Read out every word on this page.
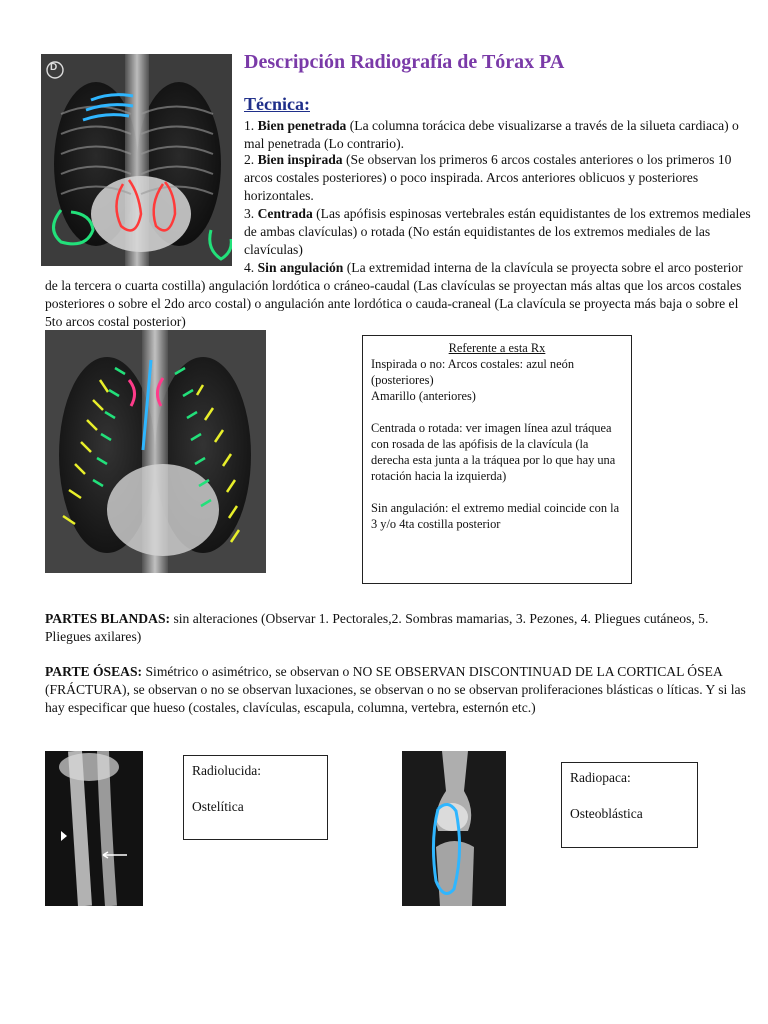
D	Descripción Radiografía de Tórax PA
Técnica:
1. Bien penetrada (La columna torácica debe visualizarse a través de la silueta cardiaca) o mal penetrada (Lo contrario).
2. Bien inspirada (Se observan los primeros 6 arcos costales anteriores o los primeros 10 arcos costales posteriores) o poco inspirada. Arcos anteriores oblicuos y posteriores horizontales.
3. Centrada (Las apófisis espinosas vertebrales están equidistantes de los extremos mediales de ambas clavículas) o rotada (No están equidistantes de los extremos mediales de las clavículas)
4. Sin angulación (La extremidad interna de la clavícula se proyecta sobre el arco posterior de la tercera o cuarta costilla) angulación lordótica o cráneo-caudal (Las clavículas se proyectan más altas que los arcos costales posteriores o sobre el 2do arco costal) o angulación ante lordótica o cauda-craneal (La clavícula se proyecta más baja o sobre el 5to arcos costal posterior)
Referente a esta Rx
Inspirada o no: Arcos costales: azul neón (posteriores)
Amarillo (anteriores)
Centrada o rotada: ver imagen línea azul tráquea con rosada de las apófisis de la clavícula (la derecha esta junta a la tráquea por lo que hay una rotación hacia la izquierda)
Sin angulación: el extremo medial coincide con la 3 y/o 4ta costilla posterior
PARTES BLANDAS: sin alteraciones (Observar 1. Pectorales,2. Sombras mamarias, 3. Pezones, 4. Pliegues cutáneos, 5. Pliegues axilares)
PARTE ÓSEAS: Simétrico o asimétrico, se observan o NO SE OBSERVAN DISCONTINUAD DE LA CORTICAL ÓSEA (FRÁCTURA), se observan o no se observan luxaciones, se observan o no se observan proliferaciones blásticas o líticas. Y si las hay especificar que hueso (costales, clavículas, escapula, columna, vertebra, esternón etc.)
Radiolucida:
Ostelítica
Radiopaca:
Osteoblástica
